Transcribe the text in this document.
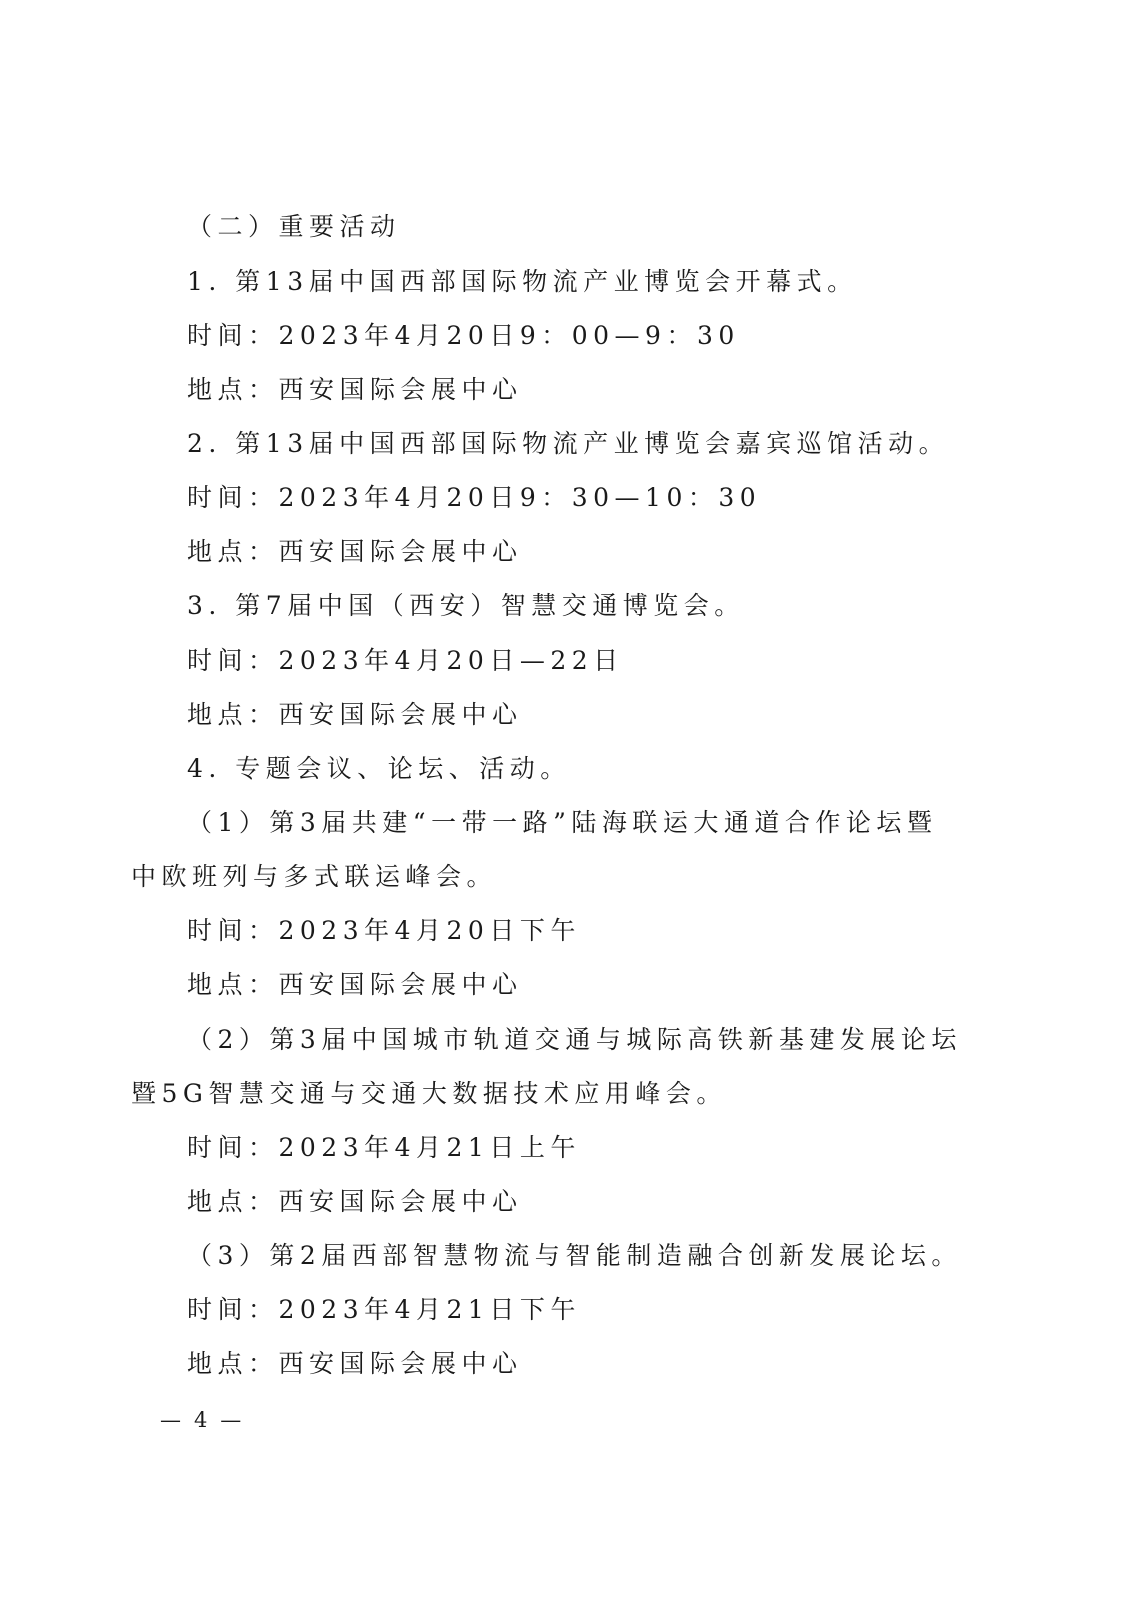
（二）重要活动
1. 第13届中国西部国际物流产业博览会开幕式。
时间：2023年4月20日9：00—9：30
地点：西安国际会展中心
2. 第13届中国西部国际物流产业博览会嘉宾巡馆活动。
时间：2023年4月20日9：30—10：30
地点：西安国际会展中心
3. 第7届中国（西安）智慧交通博览会。
时间：2023年4月20日—22日
地点：西安国际会展中心
4. 专题会议、论坛、活动。
（1）第3届共建“一带一路”陆海联运大通道合作论坛暨
中欧班列与多式联运峰会。
时间：2023年4月20日下午
地点：西安国际会展中心
（2）第3届中国城市轨道交通与城际高铁新基建发展论坛
暨5G智慧交通与交通大数据技术应用峰会。
时间：2023年4月21日上午
地点：西安国际会展中心
（3）第2届西部智慧物流与智能制造融合创新发展论坛。
时间：2023年4月21日下午
地点：西安国际会展中心
— 4 —
